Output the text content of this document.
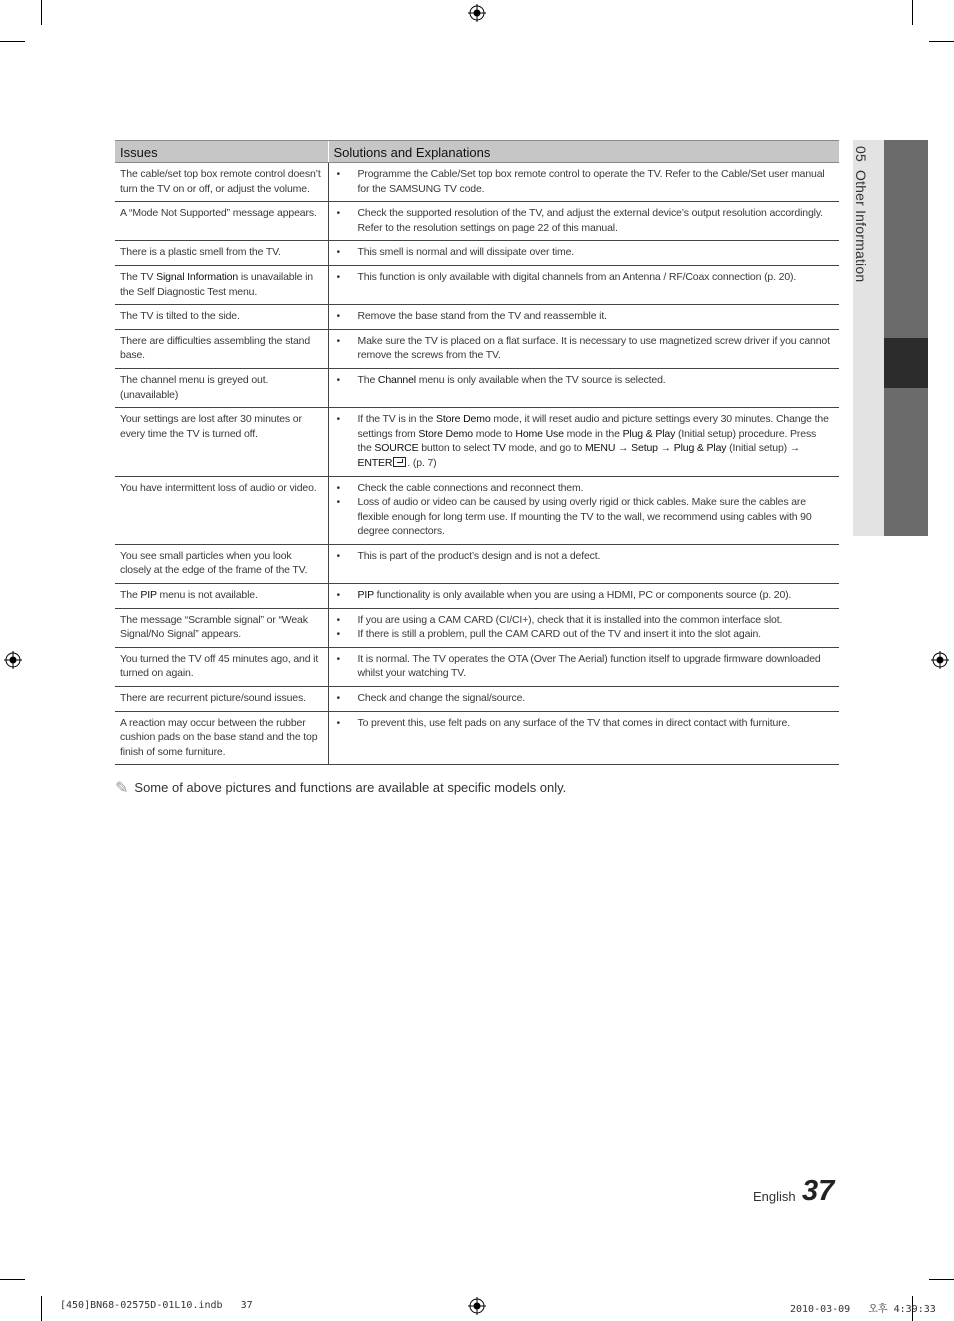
05Other Information
Issues	Solutions and Explanations
The cable/set top box remote control doesn’t turn the TV on or off, or adjust the volume.	• Programme the Cable/Set top box remote control to operate the TV. Refer to the Cable/Set user manual for the SAMSUNG TV code.

A “Mode Not Supported” message appears.	• Check the supported resolution of the TV, and adjust the external device’s output resolution accordingly. Refer to the resolution settings on page 22 of this manual.

There is a plastic smell from the TV.	• This smell is normal and will dissipate over time.

The TV Signal Information is unavailable in the Self Diagnostic Test menu.	• This function is only available with digital channels from an Antenna / RF/Coax connection (p. 20).

The TV is tilted to the side.	• Remove the base stand from the TV and reassemble it.

There are difficulties assembling the stand base.	• Make sure the TV is placed on a flat surface. It is necessary to use magnetized screw driver if you cannot remove the screws from the TV.

The channel menu is greyed out. (unavailable)	• The Channel menu is only available when the TV source is selected.

Your settings are lost after 30 minutes or every time the TV is turned off.	• If the TV is in the Store Demo mode, it will reset audio and picture settings every 30 minutes. Change the settings from Store Demo mode to Home Use mode in the Plug & Play (Initial setup) procedure. Press the SOURCE button to select TV mode, and go to MENU → Setup → Plug & Play (Initial setup) → ENTER . (p. 7)

You have intermittent loss of audio or video.	• Check the cable connections and reconnect them.
• Loss of audio or video can be caused by using overly rigid or thick cables. Make sure the cables are flexible enough for long term use. If mounting the TV to the wall, we recommend using cables with 90 degree connectors.

You see small particles when you look closely at the edge of the frame of the TV.	• This is part of the product’s design and is not a defect.

The PIP menu is not available.	• PIP functionality is only available when you are using a HDMI, PC or components source (p. 20).

The message “Scramble signal” or “Weak Signal/No Signal” appears.	• If you are using a CAM CARD (CI/CI+), check that it is installed into the common interface slot.
• If there is still a problem, pull the CAM CARD out of the TV and insert it into the slot again.

You turned the TV off 45 minutes ago, and it turned on again.	• It is normal. The TV operates the OTA (Over The Aerial) function itself to upgrade firmware downloaded whilst your watching TV.

There are recurrent picture/sound issues.	• Check and change the signal/source.

A reaction may occur between the rubber cushion pads on the base stand and the top finish of some furniture.	• To prevent this, use felt pads on any surface of the TV that comes in direct contact with furniture.
✎ Some of above pictures and functions are available at specific models only.
English 37
[450]BN68-02575D-01L10.indb   37	2010-03-09   오후 4:39:33
